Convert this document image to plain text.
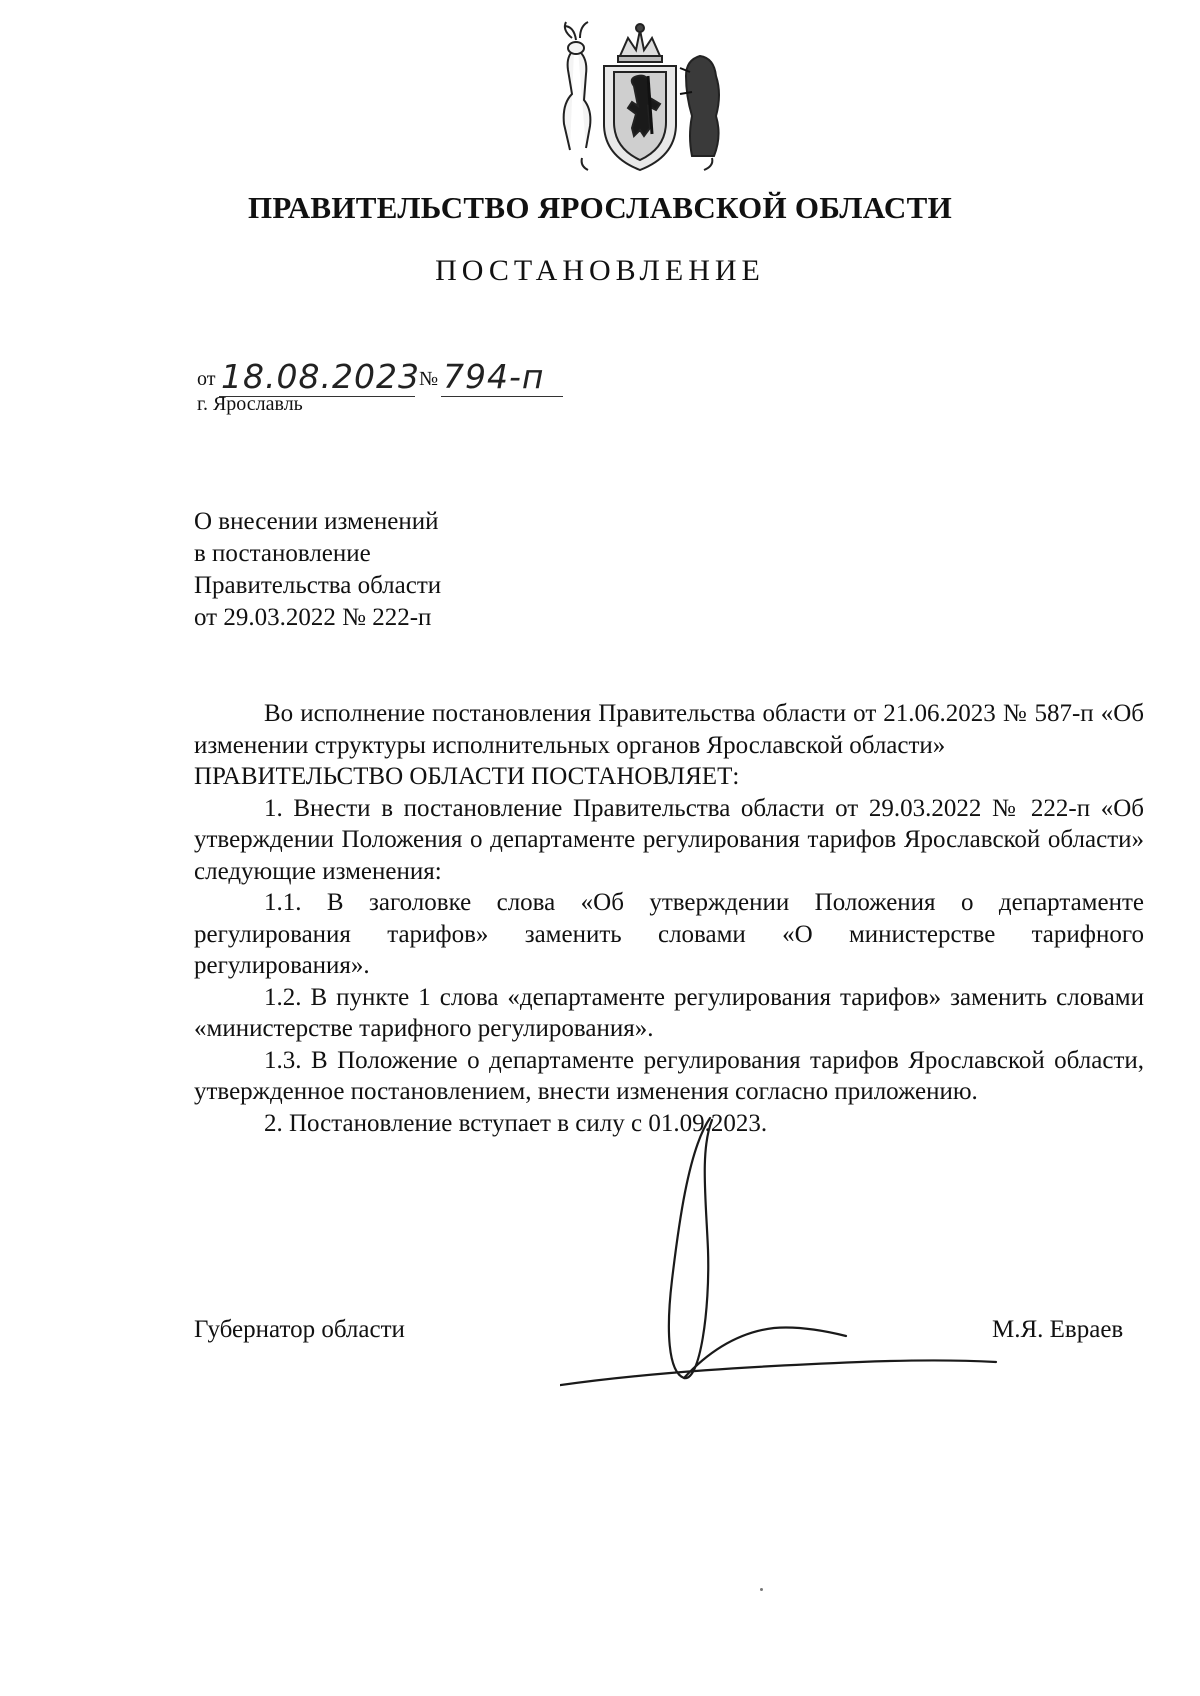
ПРАВИТЕЛЬСТВО ЯРОСЛАВСКОЙ ОБЛАСТИ
ПОСТАНОВЛЕНИЕ
от 18.08.2023 № 794-п
г. Ярославль
О внесении изменений
в постановление
Правительства области
от 29.03.2022 № 222-п

Во исполнение постановления Правительства области от 21.06.2023 № 587-п «Об изменении структуры исполнительных органов Ярославской области»

ПРАВИТЕЛЬСТВО ОБЛАСТИ ПОСТАНОВЛЯЕТ:

1. Внести в постановление Правительства области от 29.03.2022 № 222-п «Об утверждении Положения о департаменте регулирования тарифов Ярославской области» следующие изменения:

1.1. В заголовке слова «Об утверждении Положения о департаменте регулирования тарифов» заменить словами «О министерстве тарифного регулирования».

1.2. В пункте 1 слова «департаменте регулирования тарифов» заменить словами «министерстве тарифного регулирования».

1.3. В Положение о департаменте регулирования тарифов Ярославской области, утвержденное постановлением, внести изменения согласно приложению.

2. Постановление вступает в силу с 01.09.2023.

Губернатор области	М.Я. Евраев
